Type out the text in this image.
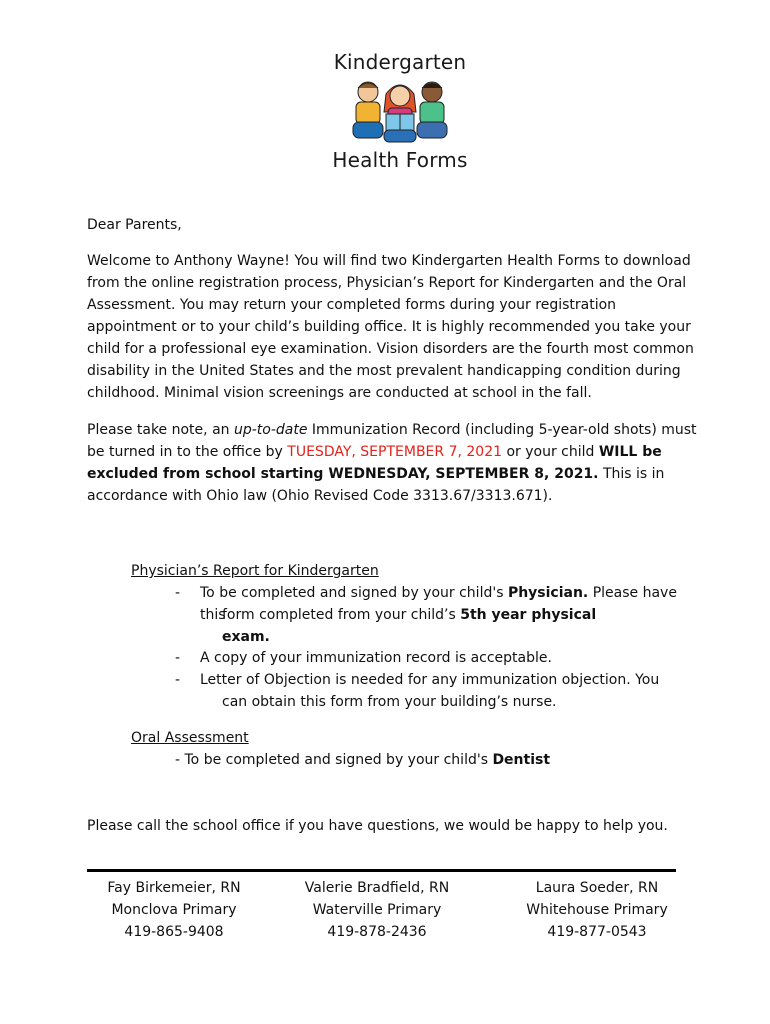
Kindergarten
Health Forms
Dear Parents,
Welcome to Anthony Wayne! You will find two Kindergarten Health Forms to download from the online registration process, Physician’s Report for Kindergarten and the Oral Assessment. You may return your completed forms during your registration appointment or to your child’s building office. It is highly recommended you take your child for a professional eye examination. Vision disorders are the fourth most common disability in the United States and the most prevalent handicapping condition during childhood. Minimal vision screenings are conducted at school in the fall.
Please take note, an up-to-date Immunization Record (including 5-year-old shots) must be turned in to the office by TUESDAY, SEPTEMBER 7, 2021 or your child WILL be excluded from school starting WEDNESDAY, SEPTEMBER 8, 2021. This is in accordance with Ohio law (Ohio Revised Code 3313.67/3313.671).
Physician’s Report for Kindergarten
- To be completed and signed by your child's Physician. Please have this
form completed from your child’s 5th year physical
exam.
- A copy of your immunization record is acceptable.
- Letter of Objection is needed for any immunization objection. You
can obtain this form from your building’s nurse.
Oral Assessment
- To be completed and signed by your child's Dentist
Please call the school office if you have questions, we would be happy to help you.
Fay Birkemeier, RN
Monclova Primary
419-865-9408
Valerie Bradfield, RN
Waterville Primary
419-878-2436
Laura Soeder, RN
Whitehouse Primary
419-877-0543
